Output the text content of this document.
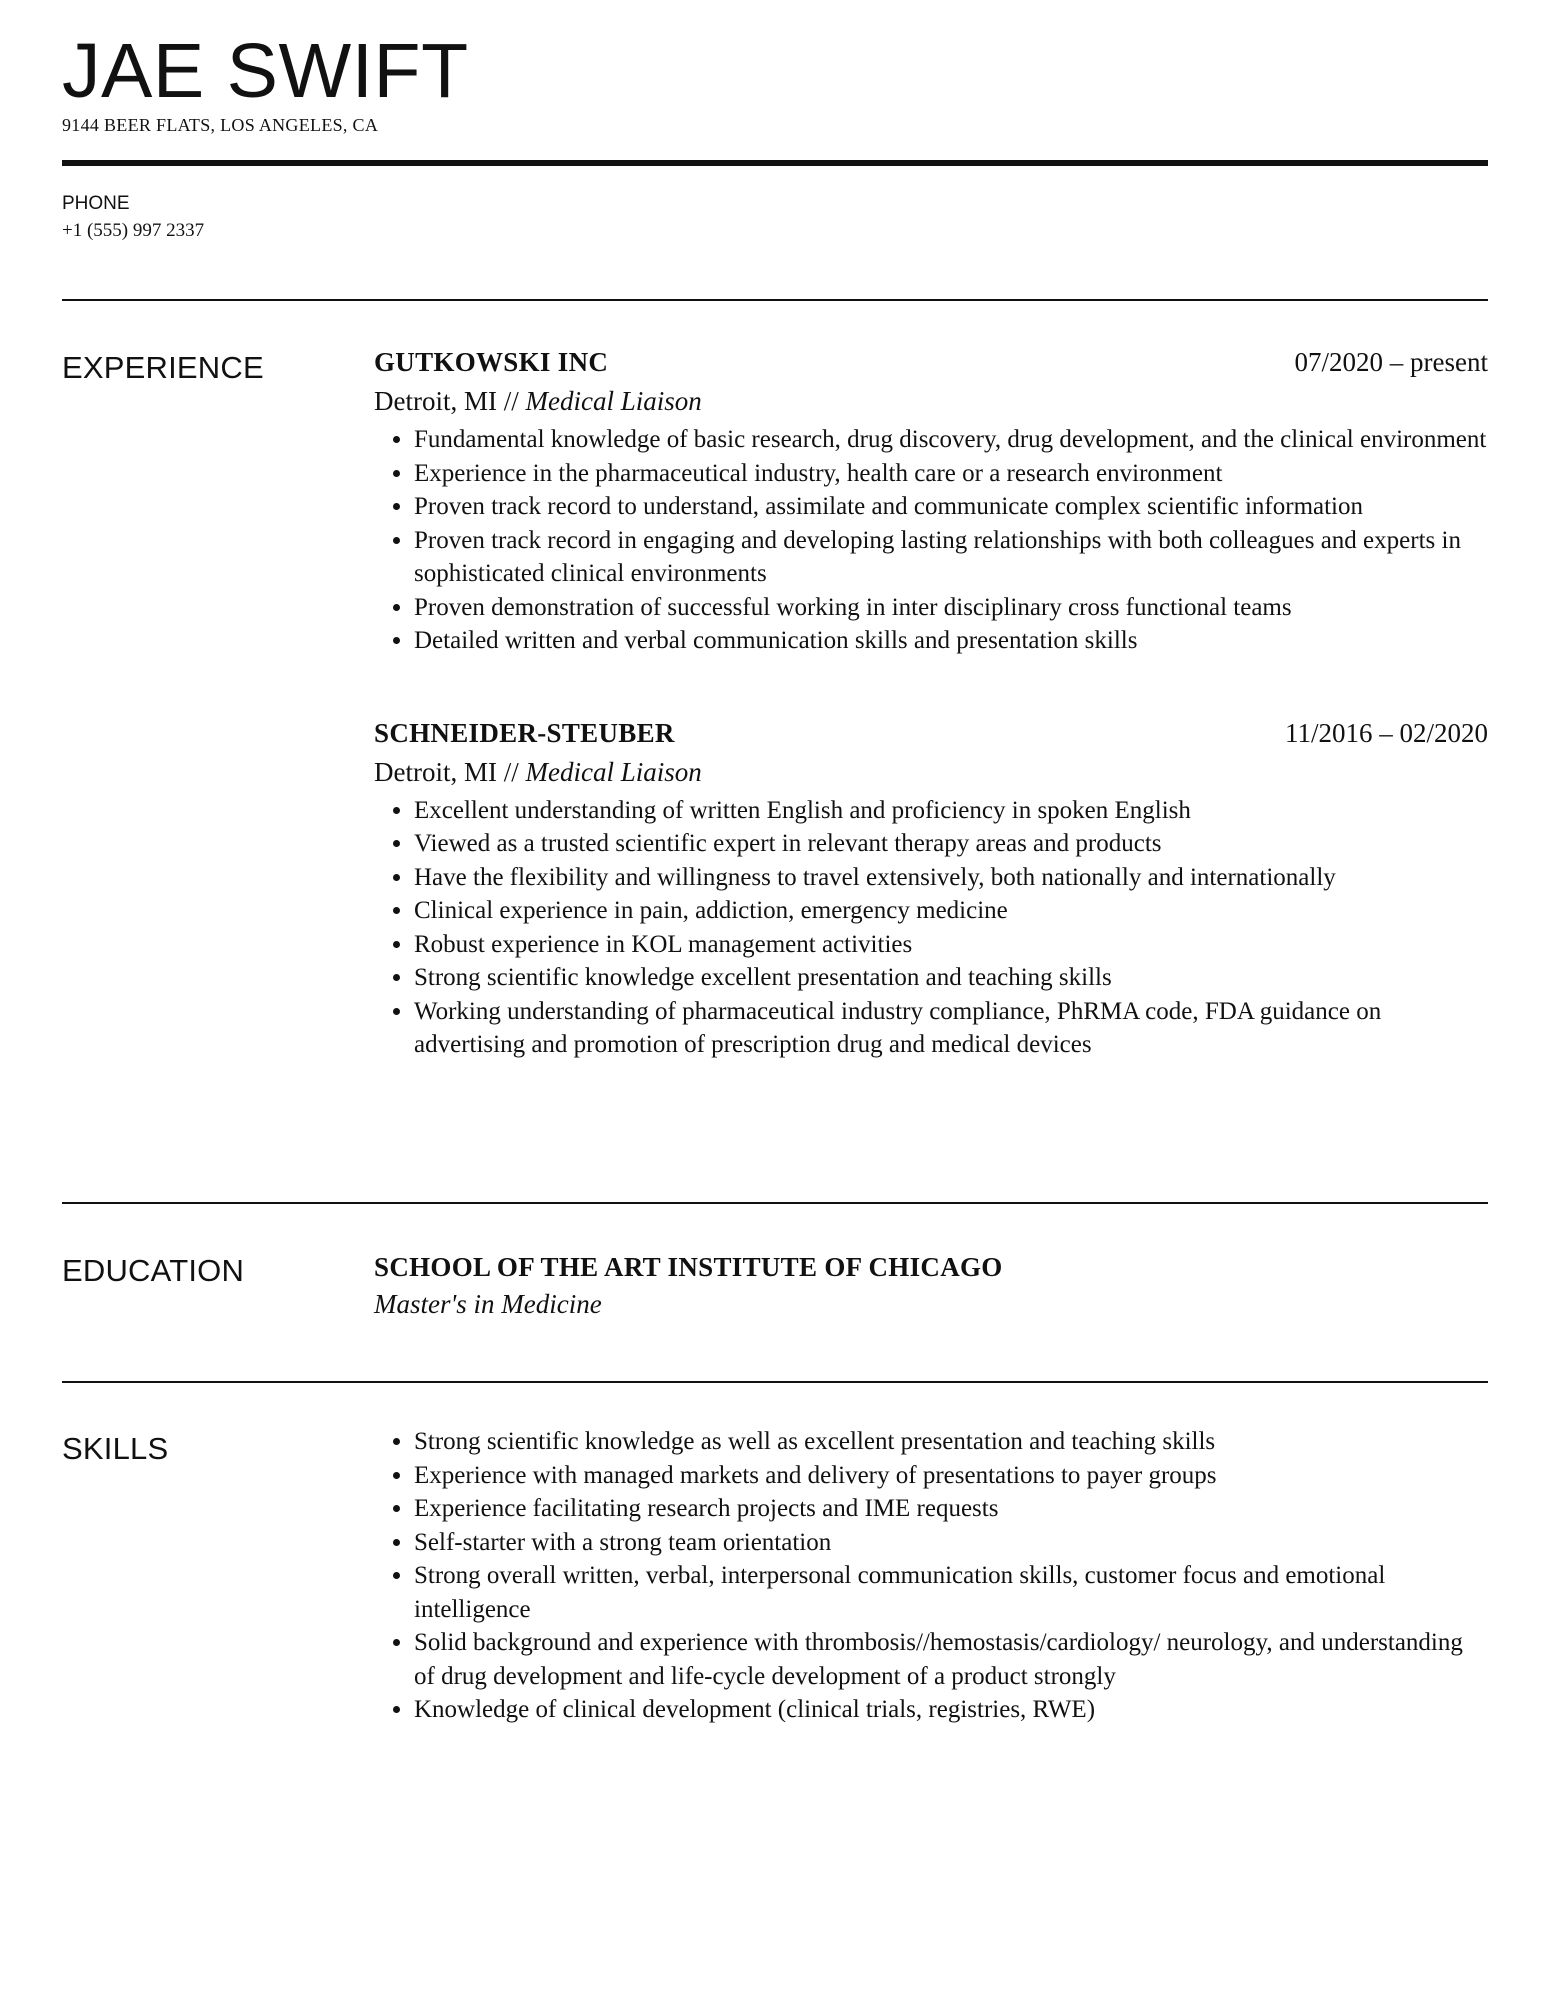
JAE SWIFT
9144 BEER FLATS, LOS ANGELES, CA
PHONE
+1 (555) 997 2337
EXPERIENCE	GUTKOWSKI INC	07/2020 – present

Detroit, MI // Medical Liaison

• Fundamental knowledge of basic research, drug discovery, drug development, and the clinical environment
• Experience in the pharmaceutical industry, health care or a research environment
• Proven track record to understand, assimilate and communicate complex scientific information
• Proven track record in engaging and developing lasting relationships with both colleagues and experts in sophisticated clinical environments
• Proven demonstration of successful working in inter disciplinary cross functional teams
• Detailed written and verbal communication skills and presentation skills
SCHNEIDER-STEUBER	11/2016 – 02/2020

Detroit, MI // Medical Liaison

• Excellent understanding of written English and proficiency in spoken English
• Viewed as a trusted scientific expert in relevant therapy areas and products
• Have the flexibility and willingness to travel extensively, both nationally and internationally
• Clinical experience in pain, addiction, emergency medicine
• Robust experience in KOL management activities
• Strong scientific knowledge excellent presentation and teaching skills
• Working understanding of pharmaceutical industry compliance, PhRMA code, FDA guidance on advertising and promotion of prescription drug and medical devices
EDUCATION	SCHOOL OF THE ART INSTITUTE OF CHICAGO
Master's in Medicine
SKILLS
•	Strong scientific knowledge as well as excellent presentation and teaching skills
• Experience with managed markets and delivery of presentations to payer groups
• Experience facilitating research projects and IME requests
• Self-starter with a strong team orientation
• Strong overall written, verbal, interpersonal communication skills, customer focus and emotional intelligence
• Solid background and experience with thrombosis//hemostasis/cardiology/ neurology, and understanding of drug development and life-cycle development of a product strongly
• Knowledge of clinical development (clinical trials, registries, RWE)
